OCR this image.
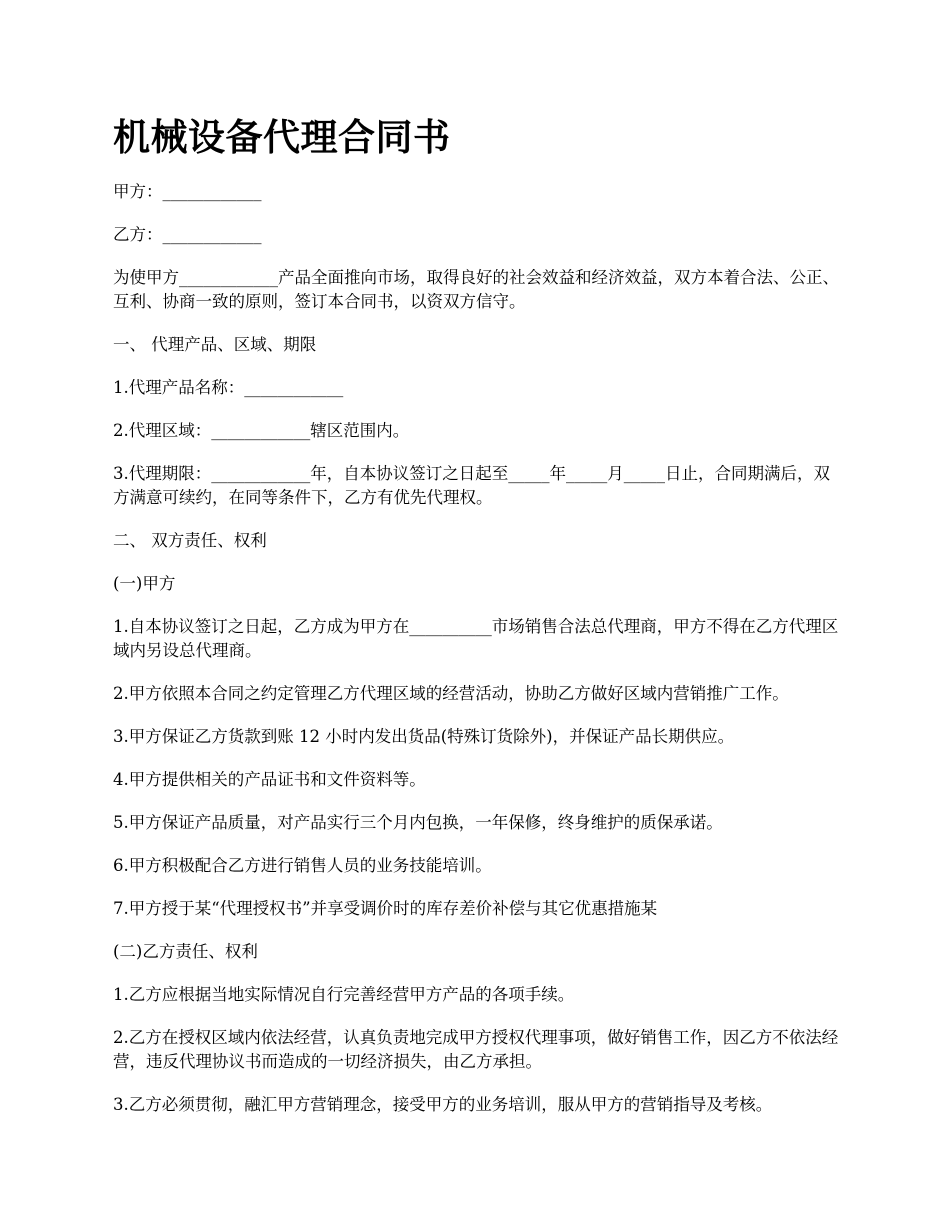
机械设备代理合同书

甲方：____________

乙方：____________

为使甲方____________产品全面推向市场，取得良好的社会效益和经济效益，双方本着合法、公正、互利、协商一致的原则，签订本合同书，以资双方信守。

一、 代理产品、区域、期限

1.代理产品名称：____________

2.代理区域：____________辖区范围内。

3.代理期限：____________年，自本协议签订之日起至_____年_____月_____日止，合同期满后，双方满意可续约，在同等条件下，乙方有优先代理权。

二、 双方责任、权利

(一)甲方

1.自本协议签订之日起，乙方成为甲方在__________市场销售合法总代理商，甲方不得在乙方代理区域内另设总代理商。

2.甲方依照本合同之约定管理乙方代理区域的经营活动，协助乙方做好区域内营销推广工作。

3.甲方保证乙方货款到账 12 小时内发出货品(特殊订货除外)，并保证产品长期供应。

4.甲方提供相关的产品证书和文件资料等。

5.甲方保证产品质量，对产品实行三个月内包换，一年保修，终身维护的质保承诺。

6.甲方积极配合乙方进行销售人员的业务技能培训。

7.甲方授于某“代理授权书”并享受调价时的库存差价补偿与其它优惠措施某

(二)乙方责任、权利

1.乙方应根据当地实际情况自行完善经营甲方产品的各项手续。

2.乙方在授权区域内依法经营，认真负责地完成甲方授权代理事项，做好销售工作，因乙方不依法经营，违反代理协议书而造成的一切经济损失，由乙方承担。

3.乙方必须贯彻，融汇甲方营销理念，接受甲方的业务培训，服从甲方的营销指导及考核。
